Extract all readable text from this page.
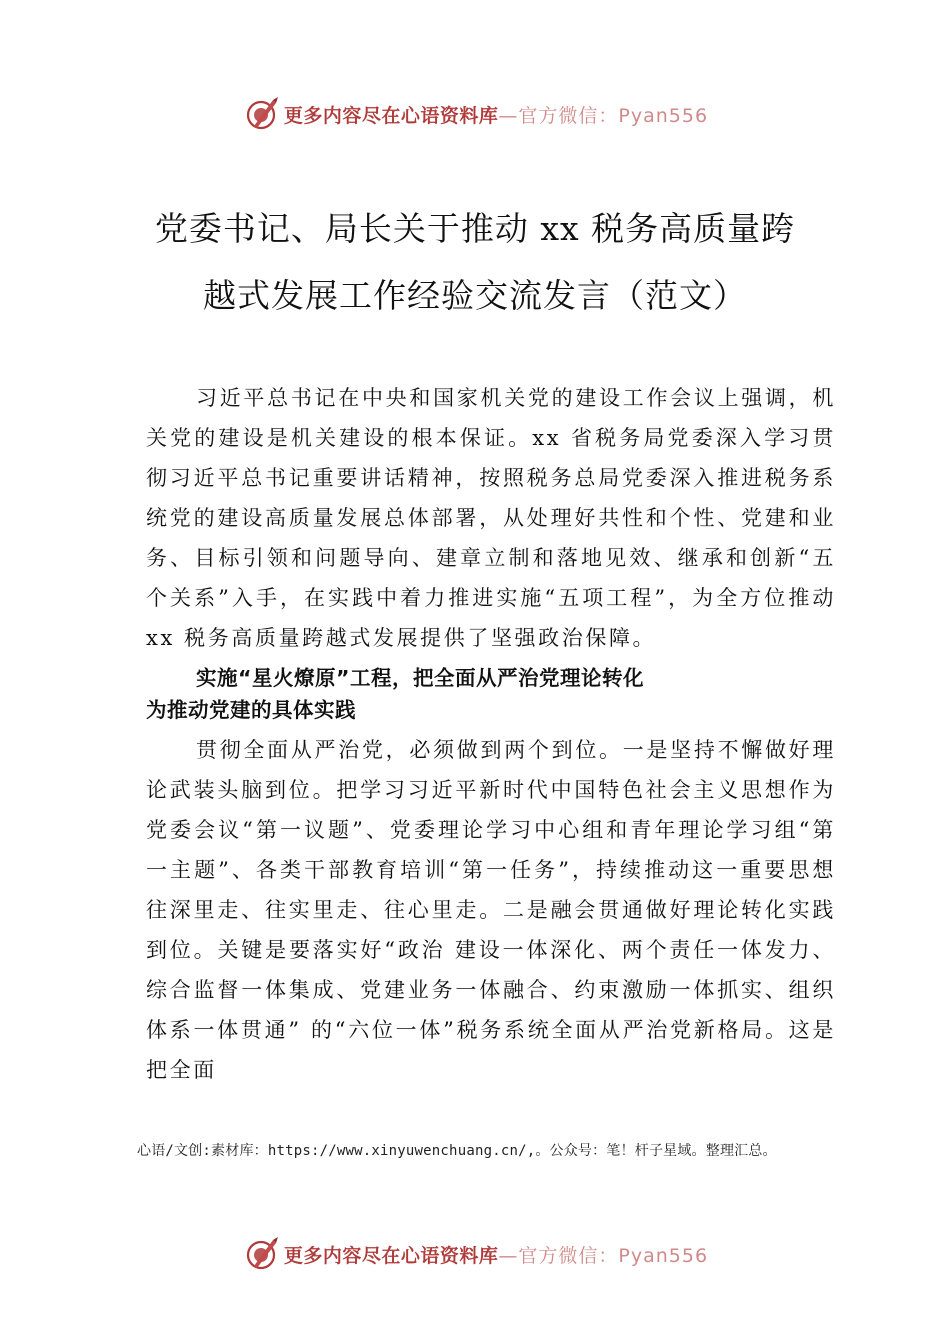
更多内容尽在心语资料库 —官方微信：Pyan556
党委书记、局长关于推动 xx 税务高质量跨
越式发展工作经验交流发言（范文）

习近平总书记在中央和国家机关党的建设工作会议上强调，机关党的建设是机关建设的根本保证。xx 省税务局党委深入学习贯彻习近平总书记重要讲话精神，按照税务总局党委深入推进税务系统党的建设高质量发展总体部署，从处理好共性和个性、党建和业务、目标引领和问题导向、建章立制和落地见效、继承和创新“五个关系”入手，在实践中着力推进实施“五项工程”，为全方位推动 xx 税务高质量跨越式发展提供了坚强政治保障。

实施“星火燎原”工程，把全面从严治党理论转化
为推动党建的具体实践

贯彻全面从严治党，必须做到两个到位。一是坚持不懈做好理论武装头脑到位。把学习习近平新时代中国特色社会主义思想作为党委会议“第一议题”、党委理论学习中心组和青年理论学习组“第一主题”、各类干部教育培训“第一任务”，持续推动这一重要思想往深里走、往实里走、往心里走。二是融会贯通做好理论转化实践到位。关键是要落实好“政治 建设一体深化、两个责任一体发力、综合监督一体集成、党建业务一体融合、约束激励一体抓实、组织体系一体贯通” 的“六位一体”税务系统全面从严治党新格局。这是把全面

心语/文创:素材库：https://www.xinyuwenchuang.cn/,。公众号：笔！杆子星域。整理汇总。
更多内容尽在心语资料库 —官方微信：Pyan556
